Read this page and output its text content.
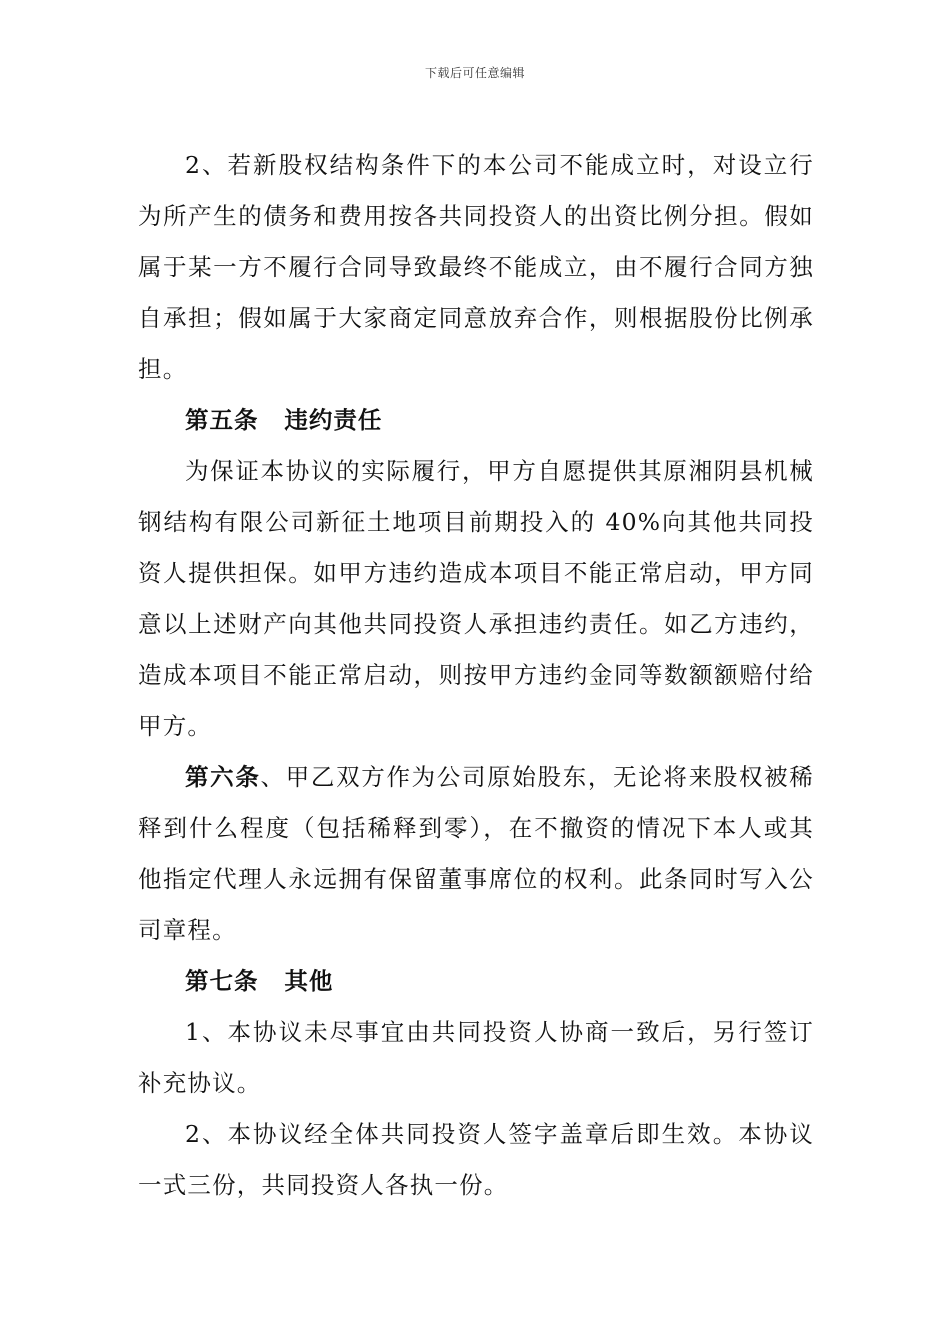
下载后可任意编辑

2、若新股权结构条件下的本公司不能成立时，对设立行为所产生的债务和费用按各共同投资人的出资比例分担。假如属于某一方不履行合同导致最终不能成立，由不履行合同方独自承担；假如属于大家商定同意放弃合作，则根据股份比例承担。

第五条 违约责任

为保证本协议的实际履行，甲方自愿提供其原湘阴县机械钢结构有限公司新征土地项目前期投入的 40%向其他共同投资人提供担保。如甲方违约造成本项目不能正常启动，甲方同意以上述财产向其他共同投资人承担违约责任。如乙方违约，造成本项目不能正常启动，则按甲方违约金同等数额额赔付给甲方。

第六条、甲乙双方作为公司原始股东，无论将来股权被稀释到什么程度（包括稀释到零），在不撤资的情况下本人或其他指定代理人永远拥有保留董事席位的权利。此条同时写入公司章程。

第七条 其他

1、本协议未尽事宜由共同投资人协商一致后，另行签订补充协议。

2、本协议经全体共同投资人签字盖章后即生效。本协议一式三份，共同投资人各执一份。
